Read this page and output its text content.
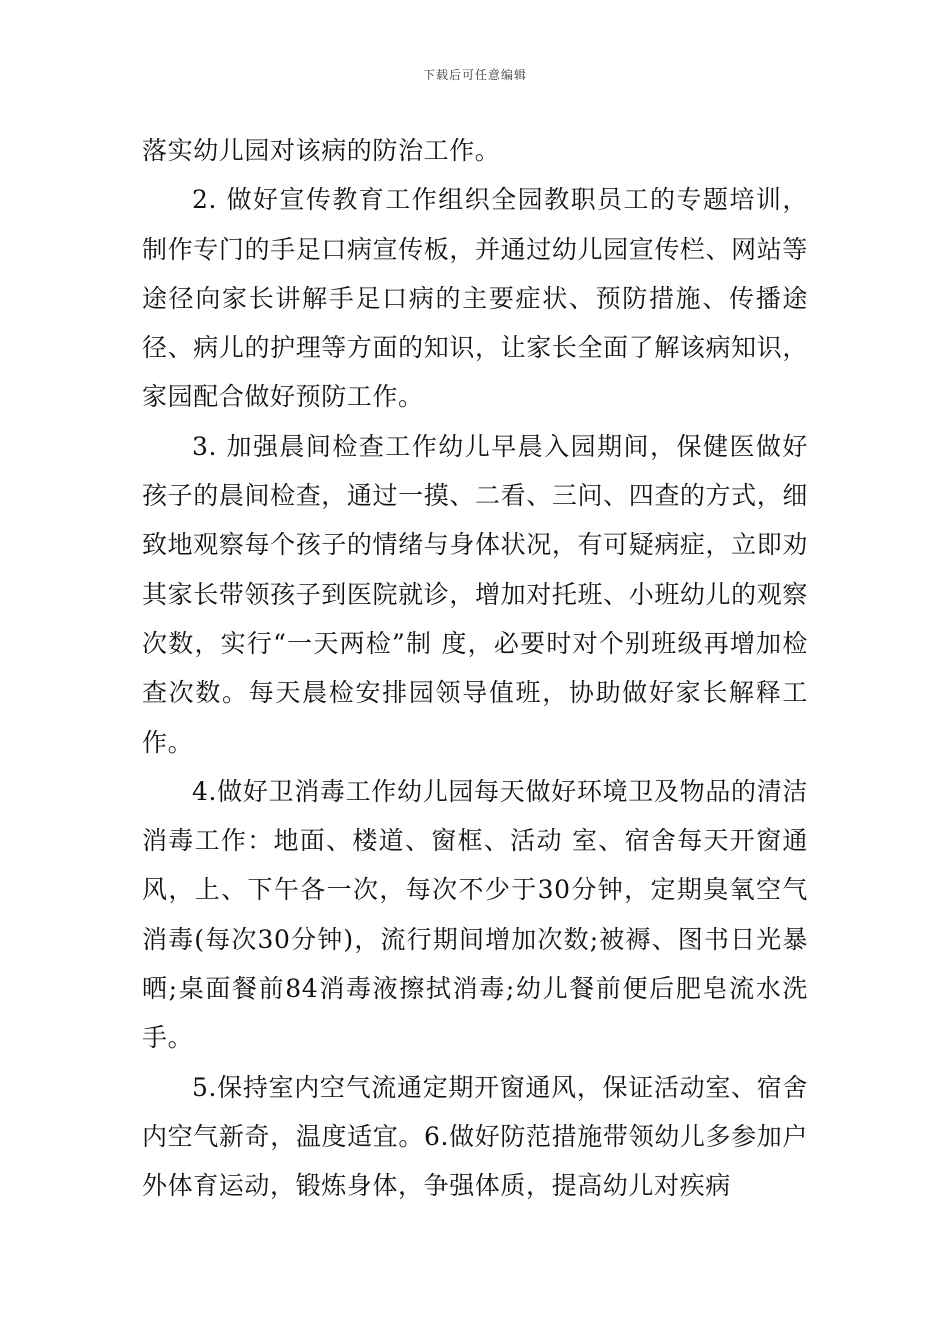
下载后可任意编辑

落实幼儿园对该病的防治工作。

2. 做好宣传教育工作组织全园教职员工的专题培训，制作专门的手足口病宣传板，并通过幼儿园宣传栏、网站等途径向家长讲解手足口病的主要症状、预防措施、传播途径、病儿的护理等方面的知识，让家长全面了解该病知识，家园配合做好预防工作。

3. 加强晨间检查工作幼儿早晨入园期间，保健医做好孩子的晨间检查，通过一摸、二看、三问、四查的方式，细致地观察每个孩子的情绪与身体状况，有可疑病症，立即劝其家长带领孩子到医院就诊，增加对托班、小班幼儿的观察次数，实行“一天两检”制 度，必要时对个别班级再增加检查次数。每天晨检安排园领导值班，协助做好家长解释工作。

4.做好卫消毒工作幼儿园每天做好环境卫及物品的清洁消毒工作：地面、楼道、窗框、活动 室、宿舍每天开窗通风，上、下午各一次，每次不少于30分钟，定期臭氧空气消毒(每次30分钟)，流行期间增加次数;被褥、图书日光暴晒;桌面餐前84消毒液擦拭消毒;幼儿餐前便后肥皂流水洗手。

5.保持室内空气流通定期开窗通风，保证活动室、宿舍内空气新奇，温度适宜。6.做好防范措施带领幼儿多参加户外体育运动，锻炼身体，争强体质，提高幼儿对疾病
